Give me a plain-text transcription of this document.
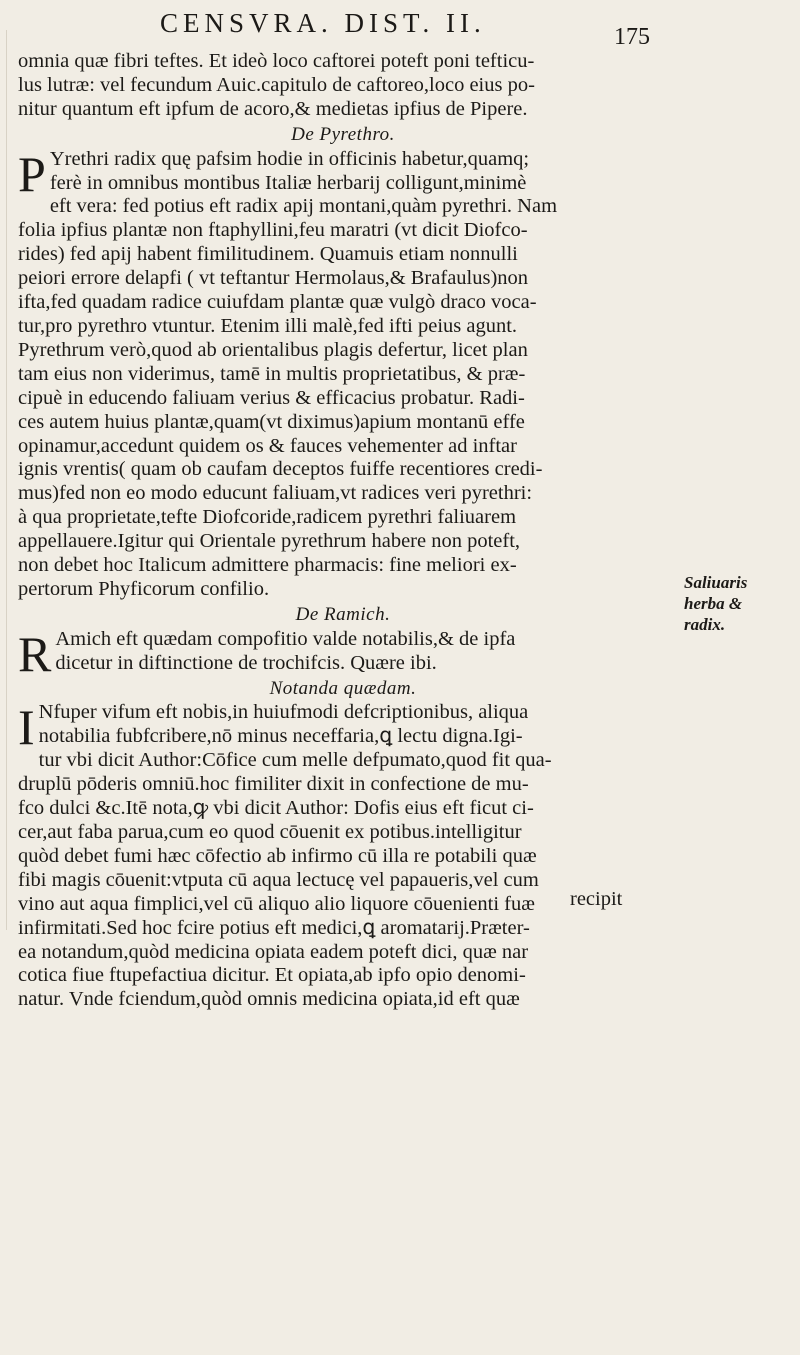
CENSVRA. DIST. II.	175
omnia quæ fibri teftes. Et ideò loco caftorei poteft poni tefticu-
lus lutræ: vel fecundum Auic.capitulo de caftoreo,loco eius po-
nitur quantum eft ipfum de acoro,& medietas ipfius de Pipere.
De Pyrethro.
P Yrethri radix quę pafsim hodie in officinis habetur,quamq;
ferè in omnibus montibus Italiæ herbarij colligunt,minimè
eft vera: fed potius eft radix apij montani,quàm pyrethri. Nam
folia ipfius plantæ non ftaphyllini,feu maratri (vt dicit Diofco-
rides) fed apij habent fimilitudinem. Quamuis etiam nonnulli
peiori errore delapfi ( vt teftantur Hermolaus,& Brafaulus)non
ifta,fed quadam radice cuiufdam plantæ quæ vulgò draco voca-
tur,pro pyrethro vtuntur. Etenim illi malè,fed ifti peius agunt.
Pyrethrum verò,quod ab orientalibus plagis defertur, licet plan
tam eius non viderimus, tamē in multis proprietatibus, & præ-
cipuè in educendo faliuam verius & efficacius probatur. Radi-
ces autem huius plantæ,quam(vt diximus)apium montanū effe
opinamur,accedunt quidem os & fauces vehementer ad inftar
ignis vrentis( quam ob caufam deceptos fuiffe recentiores credi-
mus)fed non eo modo educunt faliuam,vt radices veri pyrethri:
à qua proprietate,tefte Diofcoride,radicem pyrethri faliuarem
appellauere.Igitur qui Orientale pyrethrum habere non poteft,
non debet hoc Italicum admittere pharmacis: fine meliori ex-
pertorum Phyficorum confilio.
De Ramich.
R Amich eft quædam compofitio valde notabilis,& de ipfa
dicetur in diftinctione de trochifcis. Quære ibi.
Notanda quædam.
I Nfuper vifum eft nobis,in huiufmodi defcriptionibus, aliqua
notabilia fubfcribere,nō minus neceffaria,ꝗ lectu digna.Igi-
tur vbi dicit Author:Cōfice cum melle defpumato,quod fit qua-
druplū pōderis omniū.hoc fimiliter dixit in confectione de mu-
fco dulci &c.Itē nota,ꝙ vbi dicit Author: Dofis eius eft ficut ci-
cer,aut faba parua,cum eo quod cōuenit ex potibus.intelligitur
quòd debet fumi hæc cōfectio ab infirmo cū illa re potabili quæ
fibi magis cōuenit:vtputa cū aqua lectucę vel papaueris,vel cum
vino aut aqua fimplici,vel cū aliquo alio liquore cōuenienti fuæ
infirmitati.Sed hoc fcire potius eft medici,ꝗ aromatarij.Præter-
ea notandum,quòd medicina opiata eadem poteft dici, quæ nar
cotica fiue ftupefactiua dicitur. Et opiata,ab ipfo opio denomi-
natur. Vnde fciendum,quòd omnis medicina opiata,id eft quæ
Saliuaris
herba &
radix.
recipit
